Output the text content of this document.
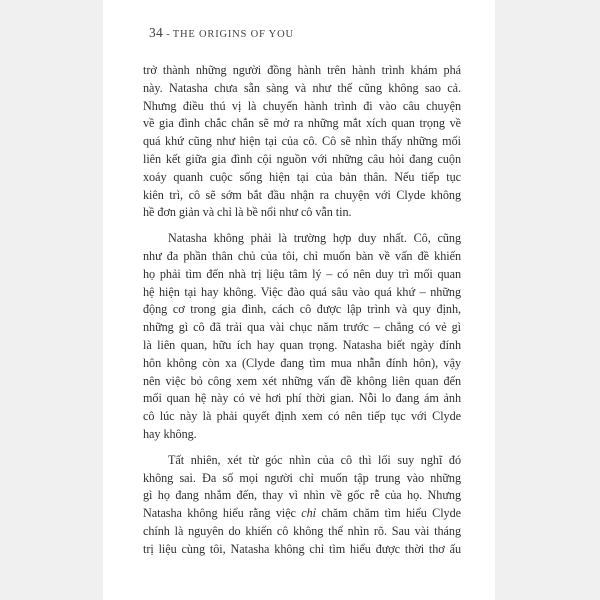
34 - THE ORIGINS OF YOU
trở thành những người đồng hành trên hành trình khám phá
này. Natasha chưa sẵn sàng và như thế cũng không sao cả.
Nhưng điều thú vị là chuyến hành trình đi vào câu chuyện
về gia đình chắc chắn sẽ mở ra những mắt xích quan trọng về
quá khứ cũng như hiện tại của cô. Cô sẽ nhìn thấy những mối
liên kết giữa gia đình cội nguồn với những câu hỏi đang cuộn
xoáy quanh cuộc sống hiện tại của bản thân. Nếu tiếp tục
kiên trì, cô sẽ sớm bắt đầu nhận ra chuyện với Clyde không
hề đơn giản và chỉ là bề nổi như cô vẫn tin.
Natasha không phải là trường hợp duy nhất. Cô, cũng
như đa phần thân chủ của tôi, chỉ muốn bàn về vấn đề khiến
họ phải tìm đến nhà trị liệu tâm lý – có nên duy trì mối quan
hệ hiện tại hay không. Việc đào quá sâu vào quá khứ – những
động cơ trong gia đình, cách cô được lập trình và quy định,
những gì cô đã trải qua vài chục năm trước – chẳng có vẻ gì
là liên quan, hữu ích hay quan trọng. Natasha biết ngày đính
hôn không còn xa (Clyde đang tìm mua nhẫn đính hôn), vậy
nên việc bỏ công xem xét những vấn đề không liên quan đến
mối quan hệ này có vẻ hơi phí thời gian. Nỗi lo đang ám ảnh
cô lúc này là phải quyết định xem có nên tiếp tục với Clyde
hay không.
Tất nhiên, xét từ góc nhìn của cô thì lối suy nghĩ đó
không sai. Đa số mọi người chỉ muốn tập trung vào những
gì họ đang nhắm đến, thay vì nhìn về gốc rễ của họ. Nhưng
Natasha không hiểu rằng việc chỉ chăm chăm tìm hiểu Clyde
chính là nguyên do khiến cô không thể nhìn rõ. Sau vài tháng
trị liệu cùng tôi, Natasha không chỉ tìm hiểu được thời thơ ấu
